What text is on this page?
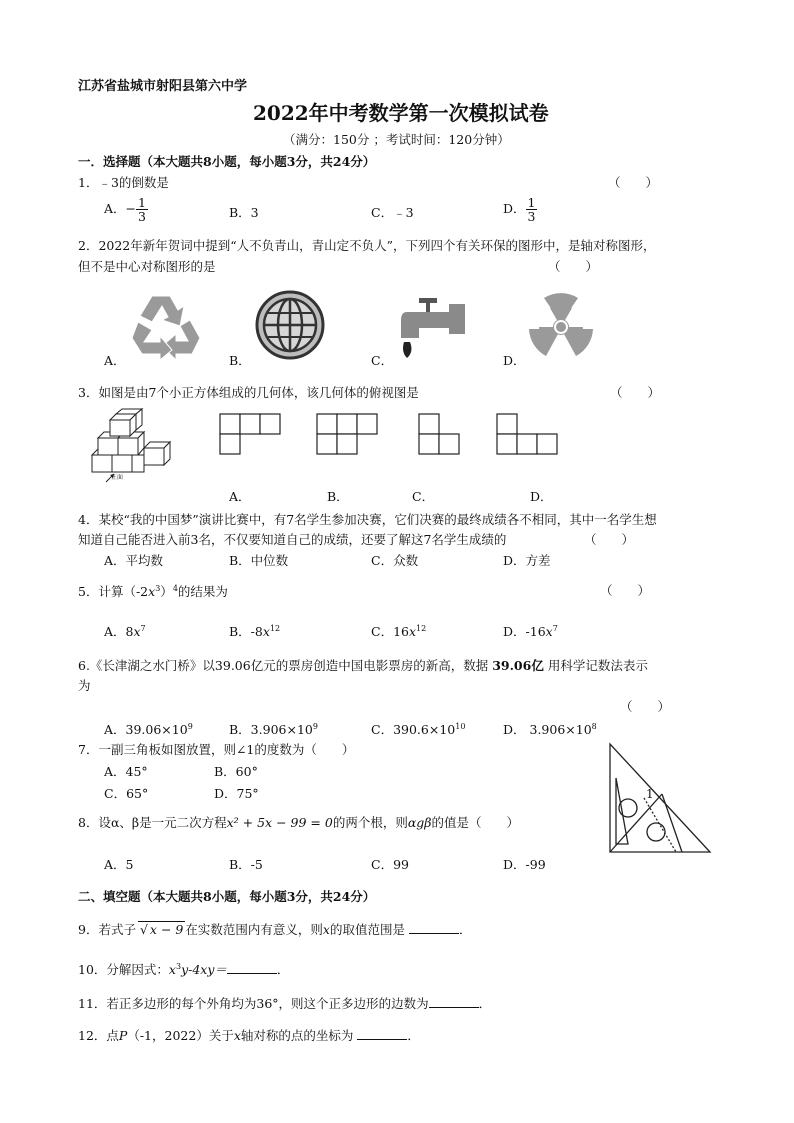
江苏省盐城市射阳县第六中学
2022年中考数学第一次模拟试卷
（满分：150分 ；考试时间：120分钟）
一．选择题（本大题共8小题，每小题3分，共24分）
1．﹣3的倒数是	（　　）
A．− $\frac{1}{3}$	B．3	C．﹣3	D． $\frac{1}{3}$
2．2022年新年贺词中提到“人不负青山，青山定不负人”，下列四个有关环保的图形中，是轴对称图形，
但不是中心对称图形的是	（　　）
A．	B．	C．	D．
3．如图是由7个小正方体组成的几何体，该几何体的俯视图是	（　　）
正面
A．	B．	C．	D．
4．某校“我的中国梦”演讲比赛中，有7名学生参加决赛，它们决赛的最终成绩各不相同，其中一名学生想
知道自己能否进入前3名，不仅要知道自己的成绩，还要了解这7名学生成绩的	（　　）
A．平均数	B．中位数	C．众数	D．方差
5．计算$(-2x^3)^4$的结果为	（　　）
A．$8x^7$	B．$-8x^{12}$	C．$16x^{12}$	D．$-16x^7$
6.《长津湖之水门桥》以39.06亿元的票房创造中国电影票房的新高，数据 39.06亿 用科学记数法表示
为
（　　）
A．$39.06\times 10^9$	B．$3.906\times 10^9$	C．$390.6\times 10^{10}$	D． $3.906\times 10^8$
7．一副三角板如图放置，则∠1的度数为（　　）
A．45°	B．60°
C．65°	D．75°	1
8．设α、β是一元二次方程x² + 5x − 99 = 0的两个根，则αgβ的值是（　　）
A．5	B．-5	C．99	D．-99
二、填空题（本大题共8小题，每小题3分，共24分）
9．若式子 √ x − 9 在实数范围内有意义，则x的取值范围是	．
10．分解因式：$x^3y-4xy=$	．
11．若正多边形的每个外角均为36°，则这个正多边形的边数为	．
12．点P（-1，2022）关于x轴对称的点的坐标为	．
